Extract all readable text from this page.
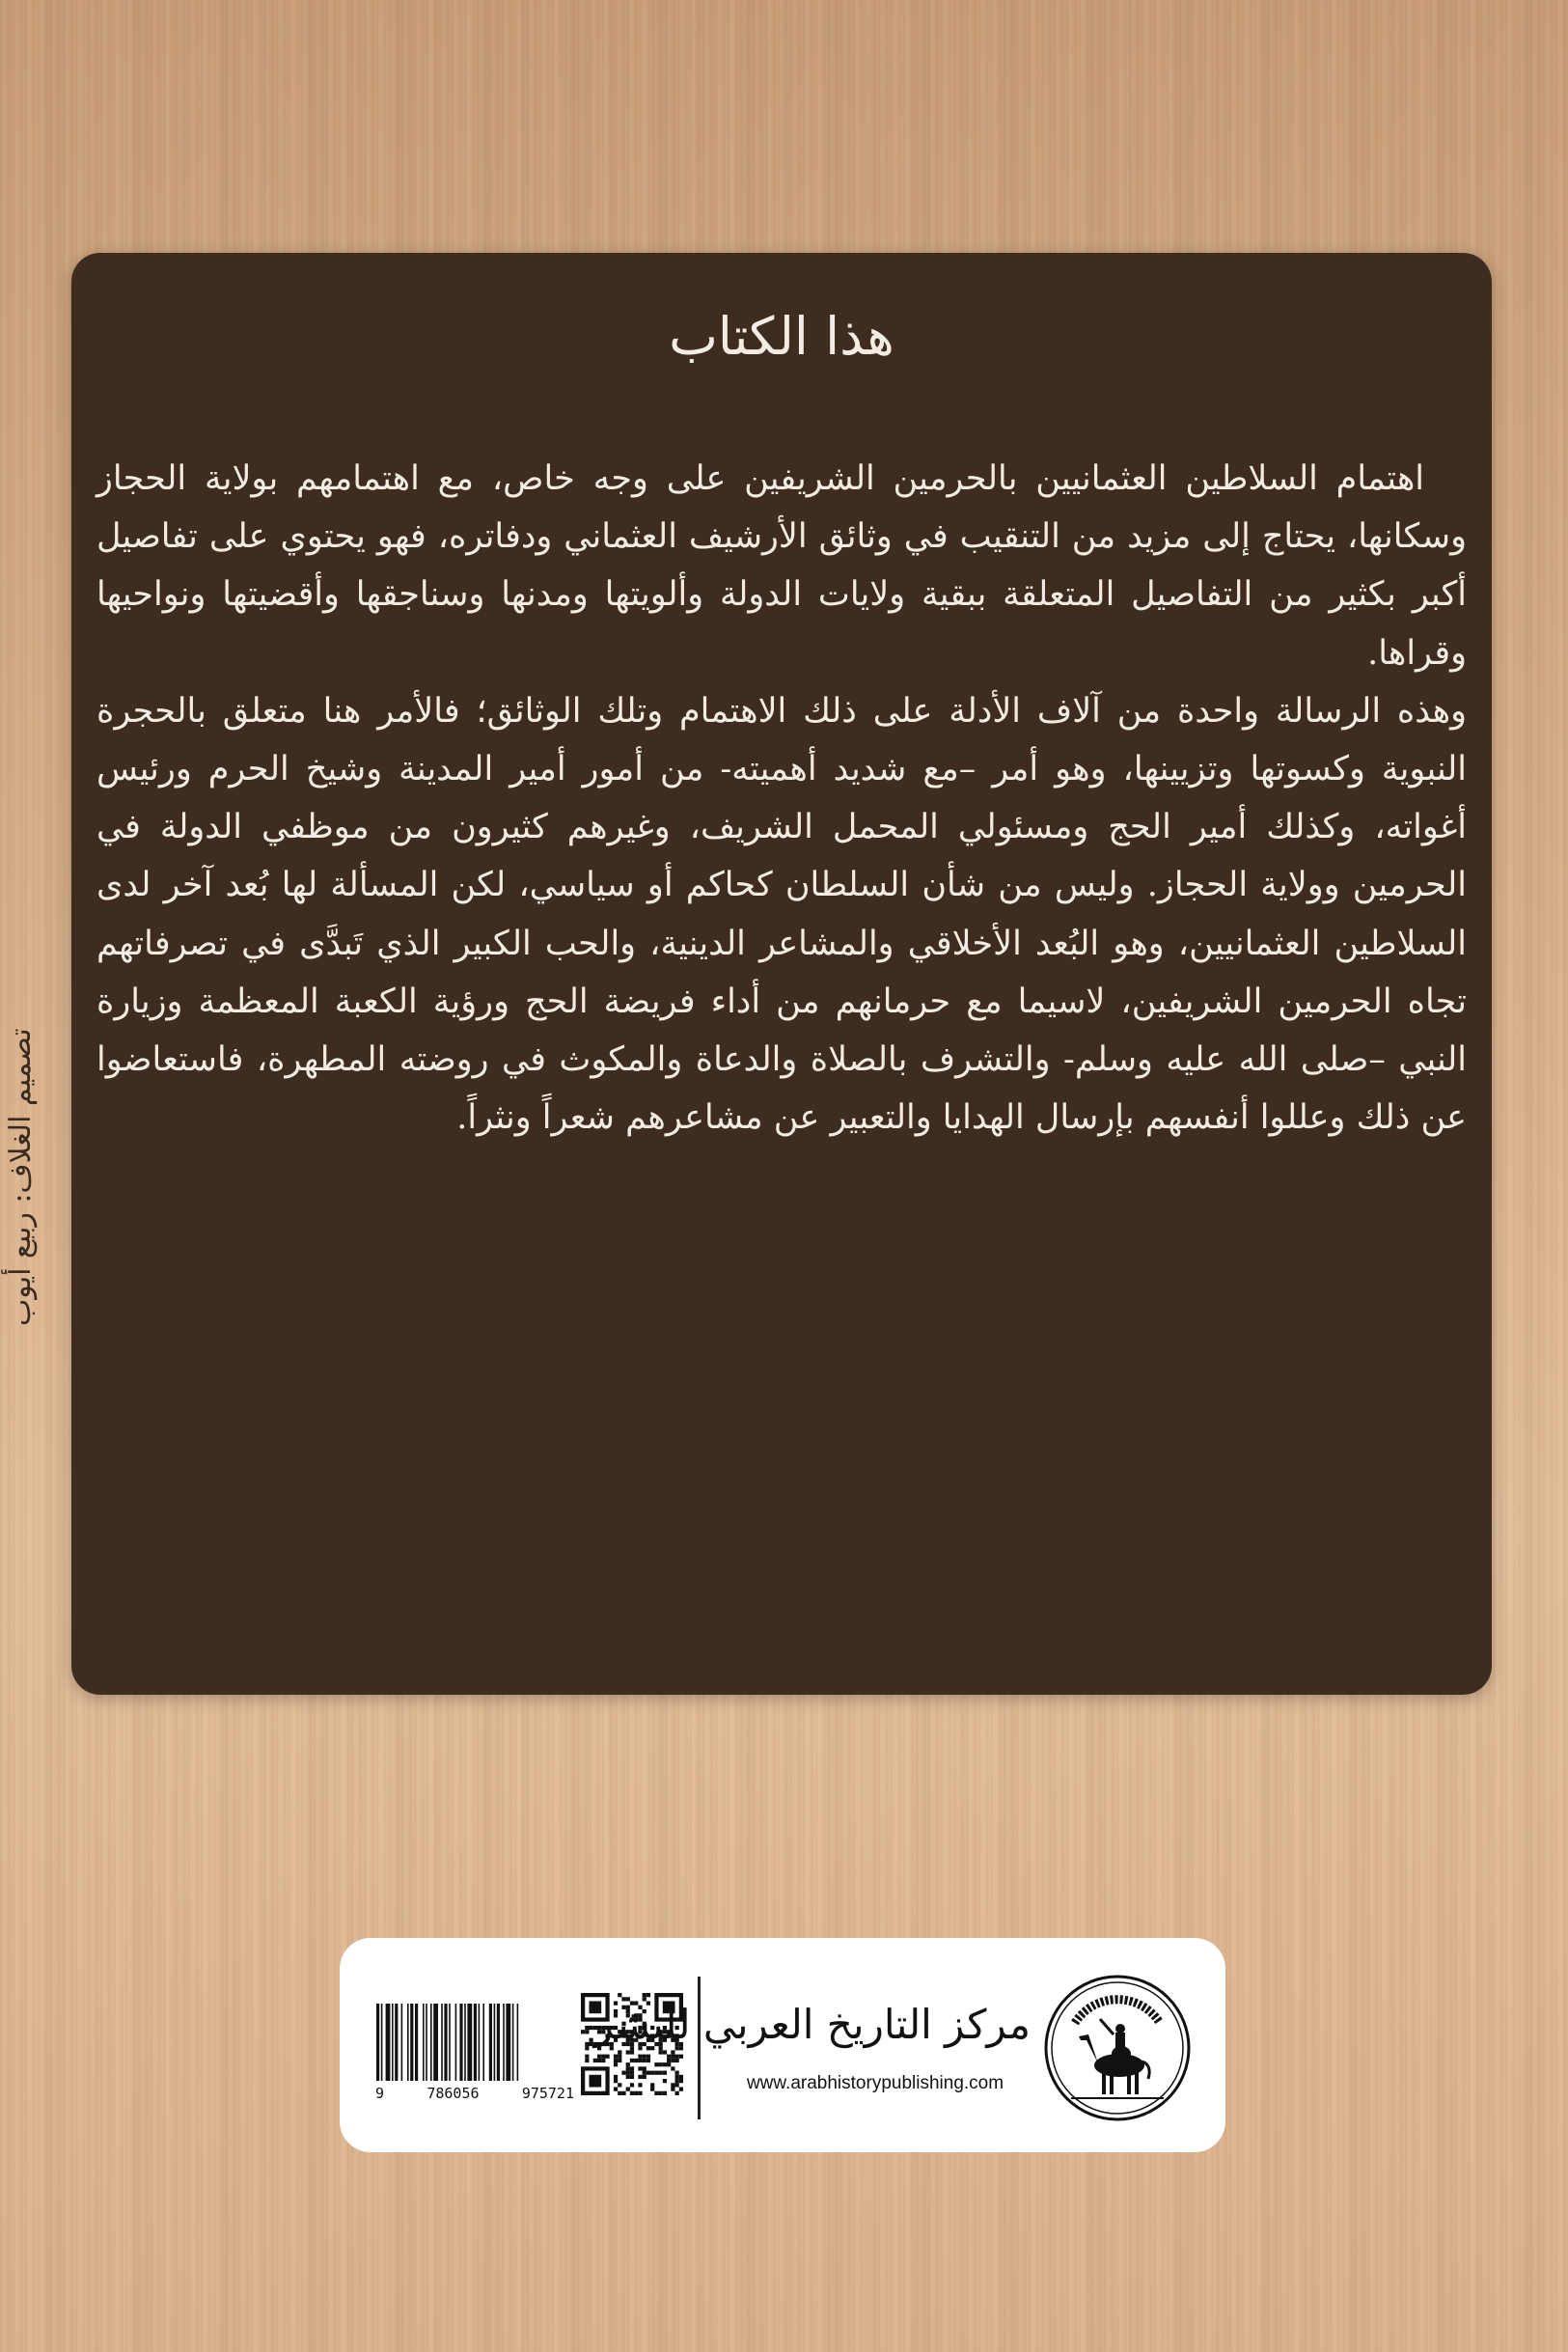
هذا الكتاب

اهتمام السلاطين العثمانيين بالحرمين الشريفين على وجه خاص، مع اهتمامهم بولاية الحجاز وسكانها، يحتاج إلى مزيد من التنقيب في وثائق الأرشيف العثماني ودفاتره، فهو يحتوي على تفاصيل أكبر بكثير من التفاصيل المتعلقة ببقية ولايات الدولة وألويتها ومدنها وسناجقها وأقضيتها ونواحيها وقراها.

وهذه الرسالة واحدة من آلاف الأدلة على ذلك الاهتمام وتلك الوثائق؛ فالأمر هنا متعلق بالحجرة النبوية وكسوتها وتزيينها، وهو أمر –مع شديد أهميته- من أمور أمير المدينة وشيخ الحرم ورئيس أغواته، وكذلك أمير الحج ومسئولي المحمل الشريف، وغيرهم كثيرون من موظفي الدولة في الحرمين وولاية الحجاز. وليس من شأن السلطان كحاكم أو سياسي، لكن المسألة لها بُعد آخر لدى السلاطين العثمانيين، وهو البُعد الأخلاقي والمشاعر الدينية، والحب الكبير الذي تَبدَّى في تصرفاتهم تجاه الحرمين الشريفين، لاسيما مع حرمانهم من أداء فريضة الحج ورؤية الكعبة المعظمة وزيارة النبي –صلى الله عليه وسلم- والتشرف بالصلاة والدعاة والمكوث في روضته المطهرة، فاستعاضوا عن ذلك وعللوا أنفسهم بإرسال الهدايا والتعبير عن مشاعرهم شعراً ونثراً.

تصميم الغلاف: ربيع أيوب
9	786056	975721
مركز التاريخ العربي للنشر
www.arabhistorypublishing.com
